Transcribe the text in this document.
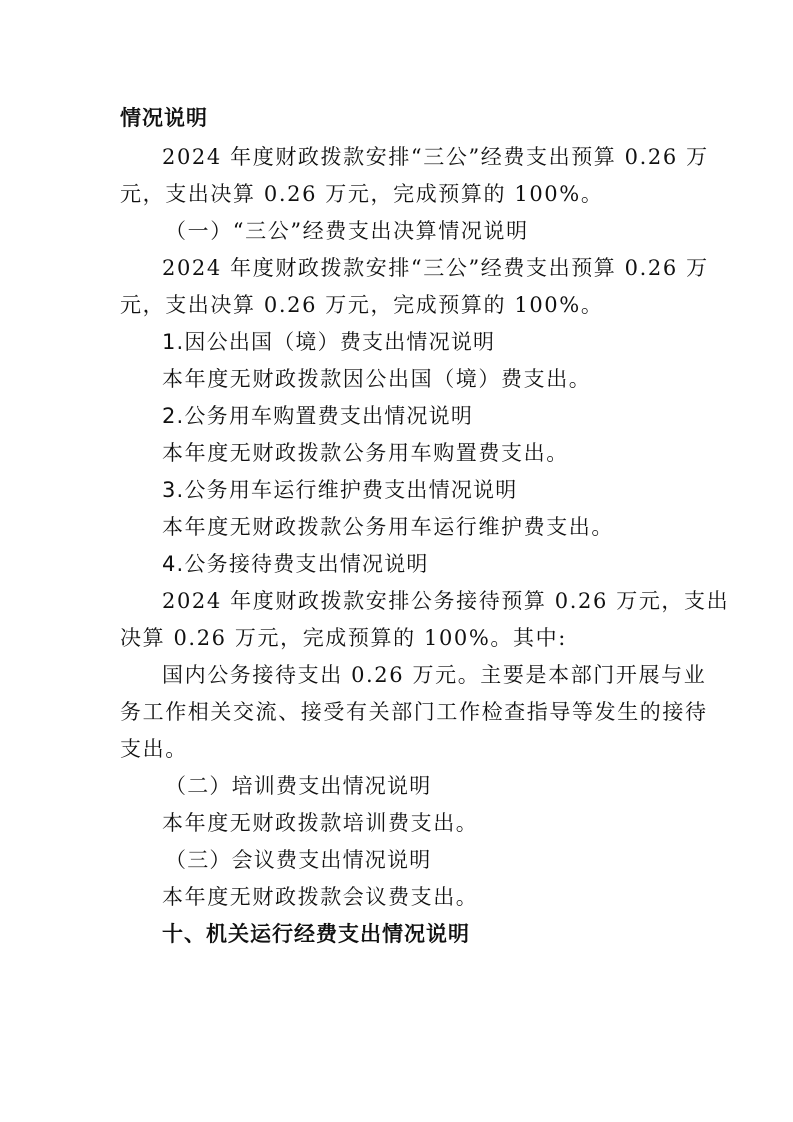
情况说明
2024 年度财政拨款安排“三公”经费支出预算 0.26 万
元，支出决算 0.26 万元，完成预算的 100%。
（一）“三公”经费支出决算情况说明
2024 年度财政拨款安排“三公”经费支出预算 0.26 万
元，支出决算 0.26 万元，完成预算的 100%。
1.因公出国（境）费支出情况说明
本年度无财政拨款因公出国（境）费支出。
2.公务用车购置费支出情况说明
本年度无财政拨款公务用车购置费支出。
3.公务用车运行维护费支出情况说明
本年度无财政拨款公务用车运行维护费支出。
4.公务接待费支出情况说明
2024 年度财政拨款安排公务接待预算 0.26 万元，支出
决算 0.26 万元，完成预算的 100%。其中:
国内公务接待支出 0.26 万元。主要是本部门开展与业
务工作相关交流、接受有关部门工作检查指导等发生的接待
支出。
（二）培训费支出情况说明
本年度无财政拨款培训费支出。
（三）会议费支出情况说明
本年度无财政拨款会议费支出。
十、机关运行经费支出情况说明
